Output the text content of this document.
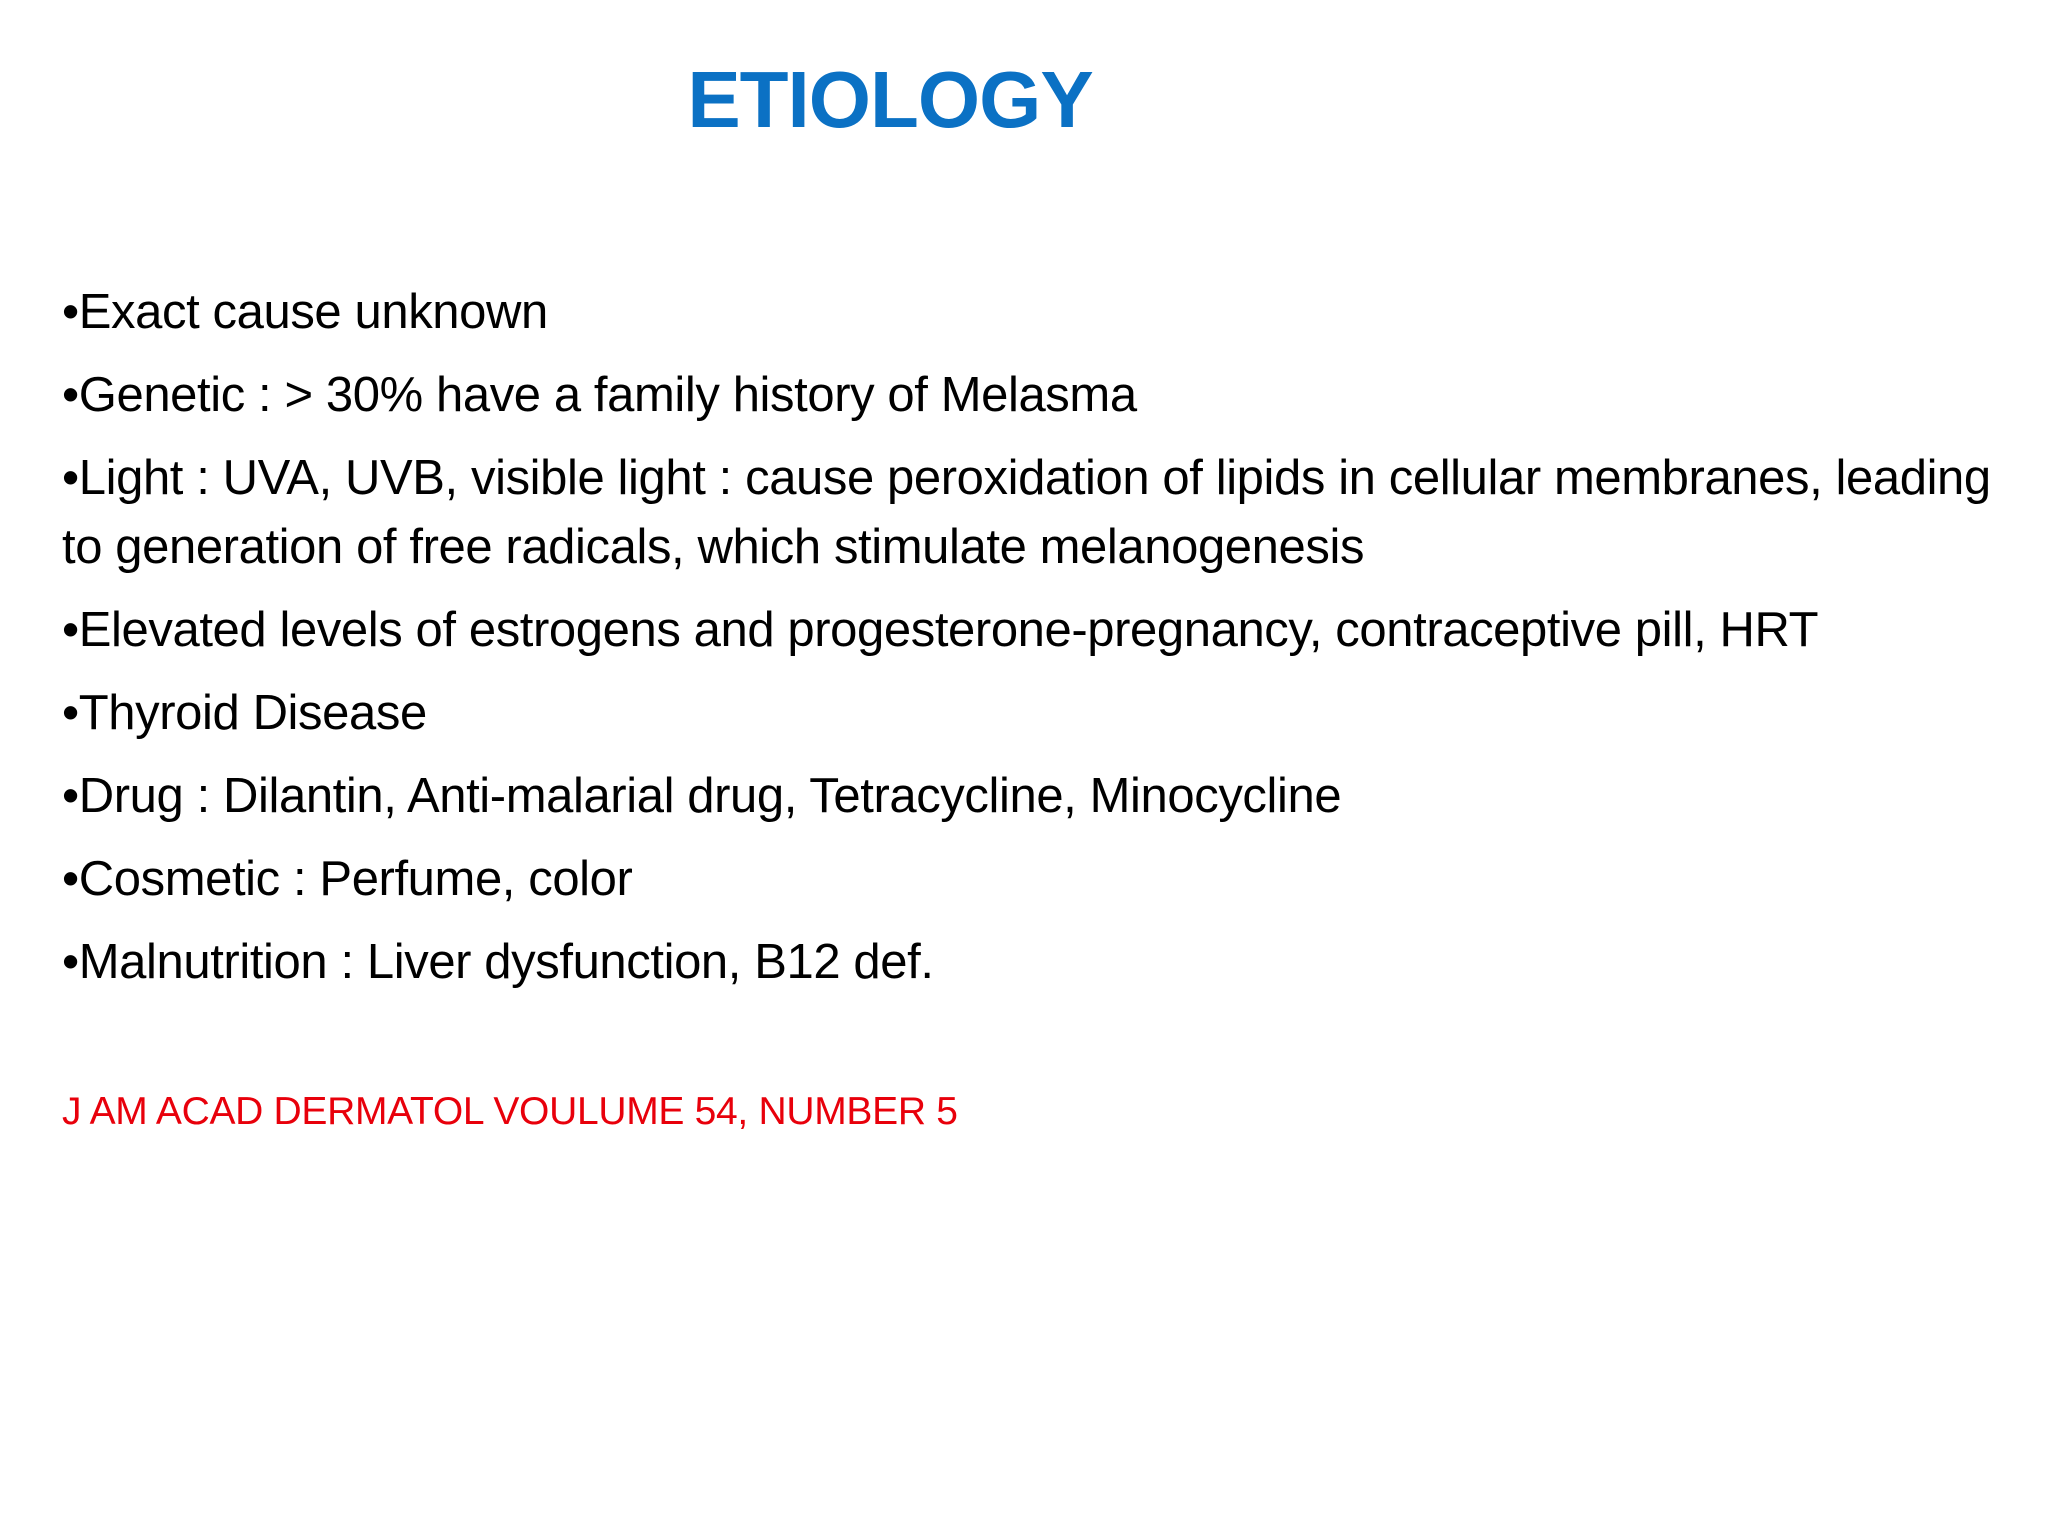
ETIOLOGY
•Exact cause unknown
•Genetic : > 30% have a family history of Melasma
•Light : UVA, UVB, visible light : cause peroxidation of lipids in cellular membranes, leading to generation of free radicals, which stimulate melanogenesis
•Elevated levels of estrogens and progesterone-pregnancy, contraceptive pill, HRT
•Thyroid Disease
•Drug : Dilantin, Anti-malarial drug, Tetracycline, Minocycline
•Cosmetic : Perfume, color
•Malnutrition : Liver dysfunction, B12 def.

J AM ACAD DERMATOL VOULUME 54, NUMBER 5
